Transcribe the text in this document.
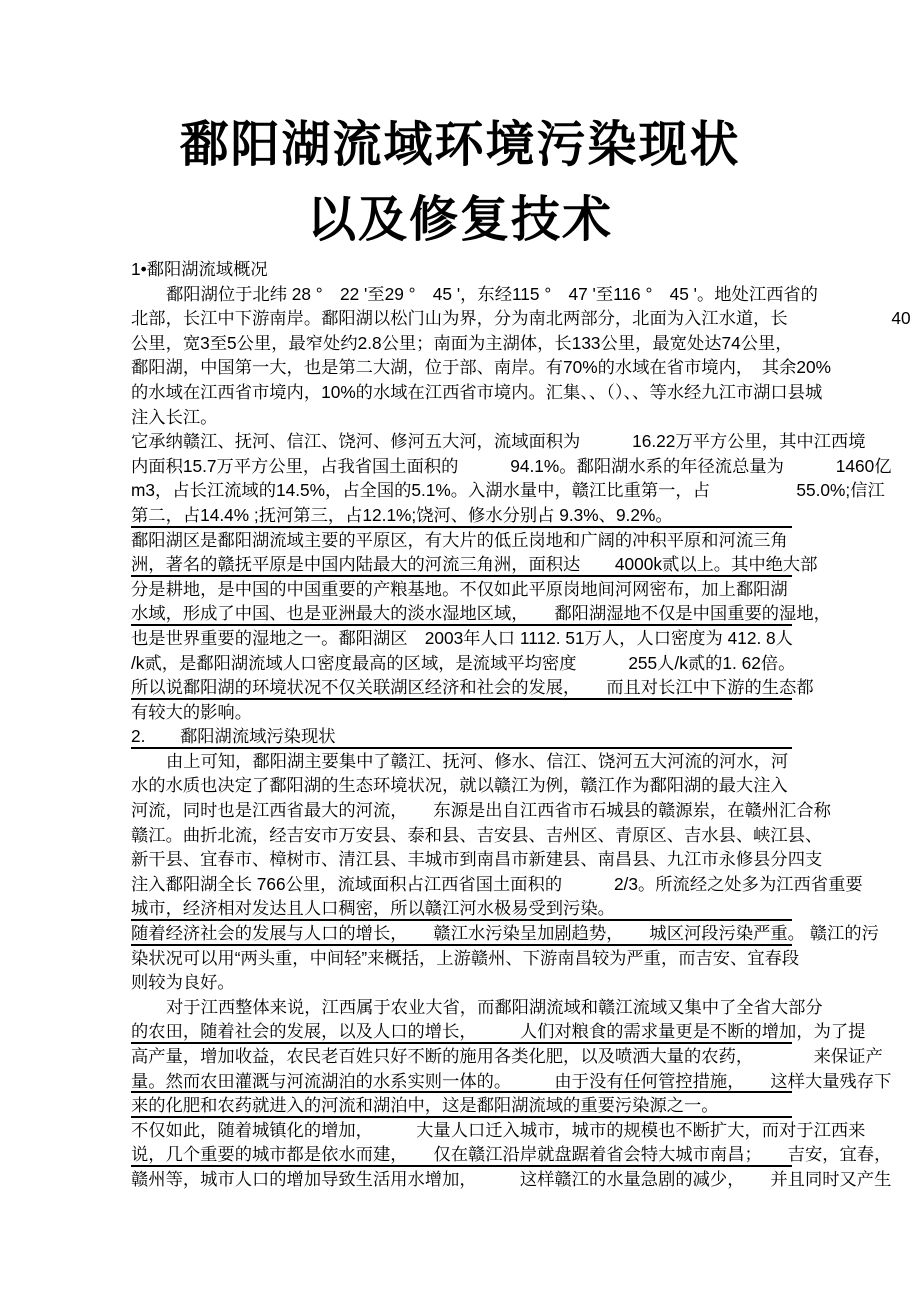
鄱阳湖流域环境污染现状
以及修复技术
1•鄱阳湖流域概况
鄱阳湖位于北纬 28 °　22 '至29 °　45 '，东经115 °　47 '至116 °　45 '。地处江西省的
北部，长江中下游南岸。鄱阳湖以松门山为界，分为南北两部分，北面为入江水道，长　　　　　　40
公里，宽3至5公里，最窄处约2.8公里；南面为主湖体，长133公里，最宽处达74公里，
鄱阳湖，中国第一大，也是第二大湖，位于部、南岸。有70%的水域在省市境内，　其余20%
的水域在江西省市境内，10%的水域在江西省市境内。汇集、、（）、、等水经九江市湖口县城
注入长江。
它承纳赣江、抚河、信江、饶河、修河五大河，流域面积为　　　16.22万平方公里，其中江西境
内面积15.7万平方公里，占我省国土面积的　　　94.1%。鄱阳湖水系的年径流总量为　　　1460亿
m3，占长江流域的14.5%，占全国的5.1%。入湖水量中，赣江比重第一，占　　　　　55.0%;信江
第二，占14.4% ;抚河第三，占12.1%;饶河、修水分别占 9.3%、9.2%。
鄱阳湖区是鄱阳湖流域主要的平原区，有大片的低丘岗地和广阔的冲积平原和河流三角
洲，著名的赣抚平原是中国内陆最大的河流三角洲，面积达　　4000k贰以上。其中绝大部
分是耕地，是中国的中国重要的产粮基地。不仅如此平原岗地间河网密布，加上鄱阳湖
水域，形成了中国、也是亚洲最大的淡水湿地区域，　　鄱阳湖湿地不仅是中国重要的湿地，
也是世界重要的湿地之一。鄱阳湖区　2003年人口 1112. 51万人，人口密度为 412. 8人
/k贰，是鄱阳湖流域人口密度最高的区域，是流域平均密度　　　255人/k贰的1. 62倍。
所以说鄱阳湖的环境状况不仅关联湖区经济和社会的发展，　　而且对长江中下游的生态都
有较大的影响。
2.　　鄱阳湖流域污染现状
由上可知，鄱阳湖主要集中了赣江、抚河、修水、信江、饶河五大河流的河水，河
水的水质也决定了鄱阳湖的生态环境状况，就以赣江为例，赣江作为鄱阳湖的最大注入
河流，同时也是江西省最大的河流，　　东源是出自江西省市石城县的赣源岽，在赣州汇合称
赣江。曲折北流，经吉安市万安县、泰和县、吉安县、吉州区、青原区、吉水县、峡江县、
新干县、宜春市、樟树市、清江县、丰城市到南昌市新建县、南昌县、九江市永修县分四支
注入鄱阳湖全长 766公里，流域面积占江西省国土面积的　　　2/3。所流经之处多为江西省重要
城市，经济相对发达且人口稠密，所以赣江河水极易受到污染。
随着经济社会的发展与人口的增长，　　赣江水污染呈加剧趋势，　　城区河段污染严重。 赣江的污
染状况可以用“两头重，中间轻”来概括，上游赣州、下游南昌较为严重，而吉安、宜春段
则较为良好。
对于江西整体来说，江西属于农业大省，而鄱阳湖流域和赣江流域又集中了全省大部分
的农田，随着社会的发展，以及人口的增长，　　　人们对粮食的需求量更是不断的增加，为了提
高产量，增加收益，农民老百姓只好不断的施用各类化肥，以及喷洒大量的农药，　　　　来保证产
量。然而农田灌溉与河流湖泊的水系实则一体的。　　　由于没有任何管控措施，　　这样大量残存下
来的化肥和农药就进入的河流和湖泊中，这是鄱阳湖流域的重要污染源之一。
不仅如此，随着城镇化的增加，　　　大量人口迁入城市，城市的规模也不断扩大，而对于江西来
说，几个重要的城市都是依水而建，　　仅在赣江沿岸就盘踞着省会特大城市南昌；　　吉安，宜春，
赣州等，城市人口的增加导致生活用水增加，　　　这样赣江的水量急剧的减少，　　并且同时又产生
